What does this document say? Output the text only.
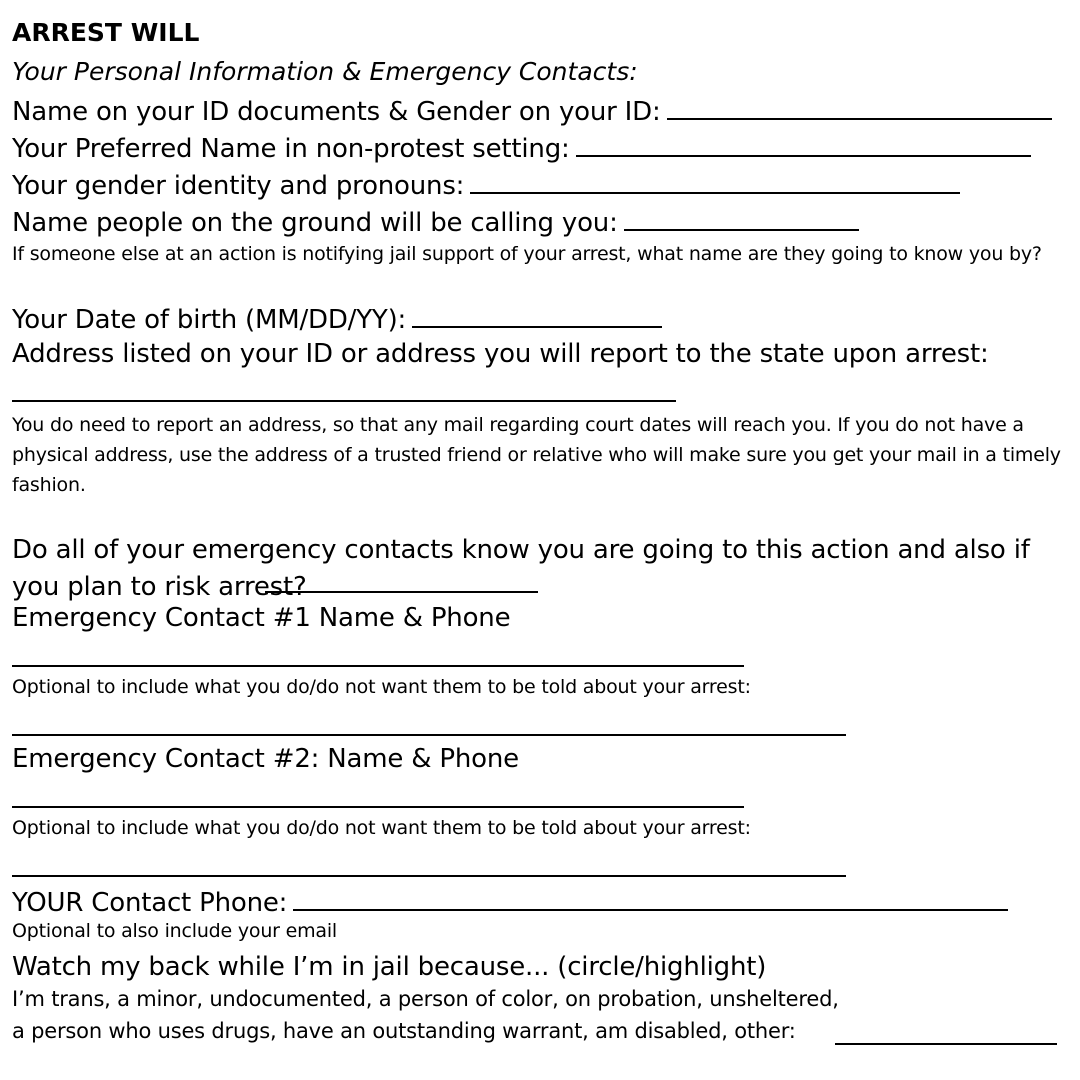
ARREST WILL
Your Personal Information & Emergency Contacts:
Name on your ID documents & Gender on your ID:
Your Preferred Name in non-protest setting:
Your gender identity and pronouns:
Name people on the ground will be calling you:
If someone else at an action is notifying jail support of your arrest, what name are they going to know you by?
Your Date of birth (MM/DD/YY):
Address listed on your ID or address you will report to the state upon arrest:
You do need to report an address, so that any mail regarding court dates will reach you. If you do not have a physical address, use the address of a trusted friend or relative who will make sure you get your mail in a timely fashion.
Do all of your emergency contacts know you are going to this action and also if you plan to risk arrest?
Emergency Contact #1 Name & Phone
Optional to include what you do/do not want them to be told about your arrest:
Emergency Contact #2: Name & Phone
Optional to include what you do/do not want them to be told about your arrest:
YOUR Contact Phone:
Optional to also include your email
Watch my back while I’m in jail because... (circle/highlight)
I’m trans, a minor, undocumented, a person of color, on probation, unsheltered,
a person who uses drugs, have an outstanding warrant, am disabled, other:
